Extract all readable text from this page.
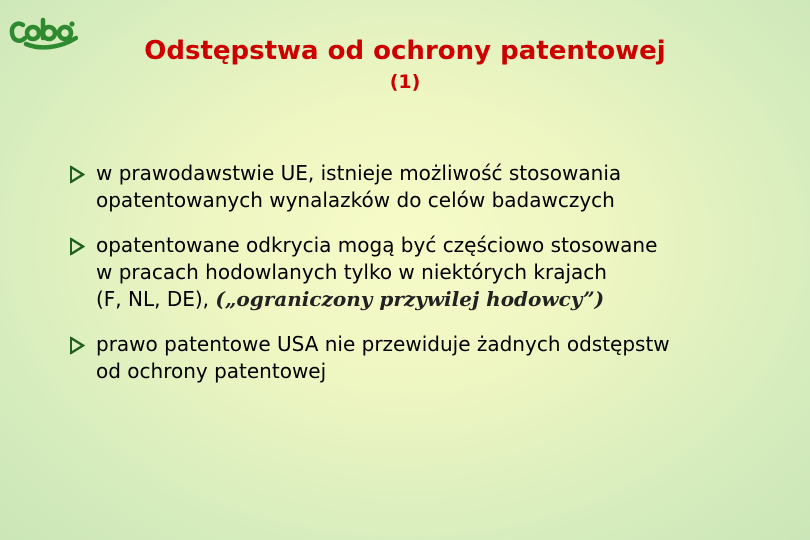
Odstępstwa od ochrony patentowej
(1)
w prawodawstwie UE, istnieje możliwość stosowania
opatentowanych wynalazków do celów badawczych
opatentowane odkrycia mogą być częściowo stosowane
w pracach hodowlanych tylko w niektórych krajach
(F, NL, DE), („ograniczony przywilej hodowcy”)
prawo patentowe USA nie przewiduje żadnych odstępstw
od ochrony patentowej
